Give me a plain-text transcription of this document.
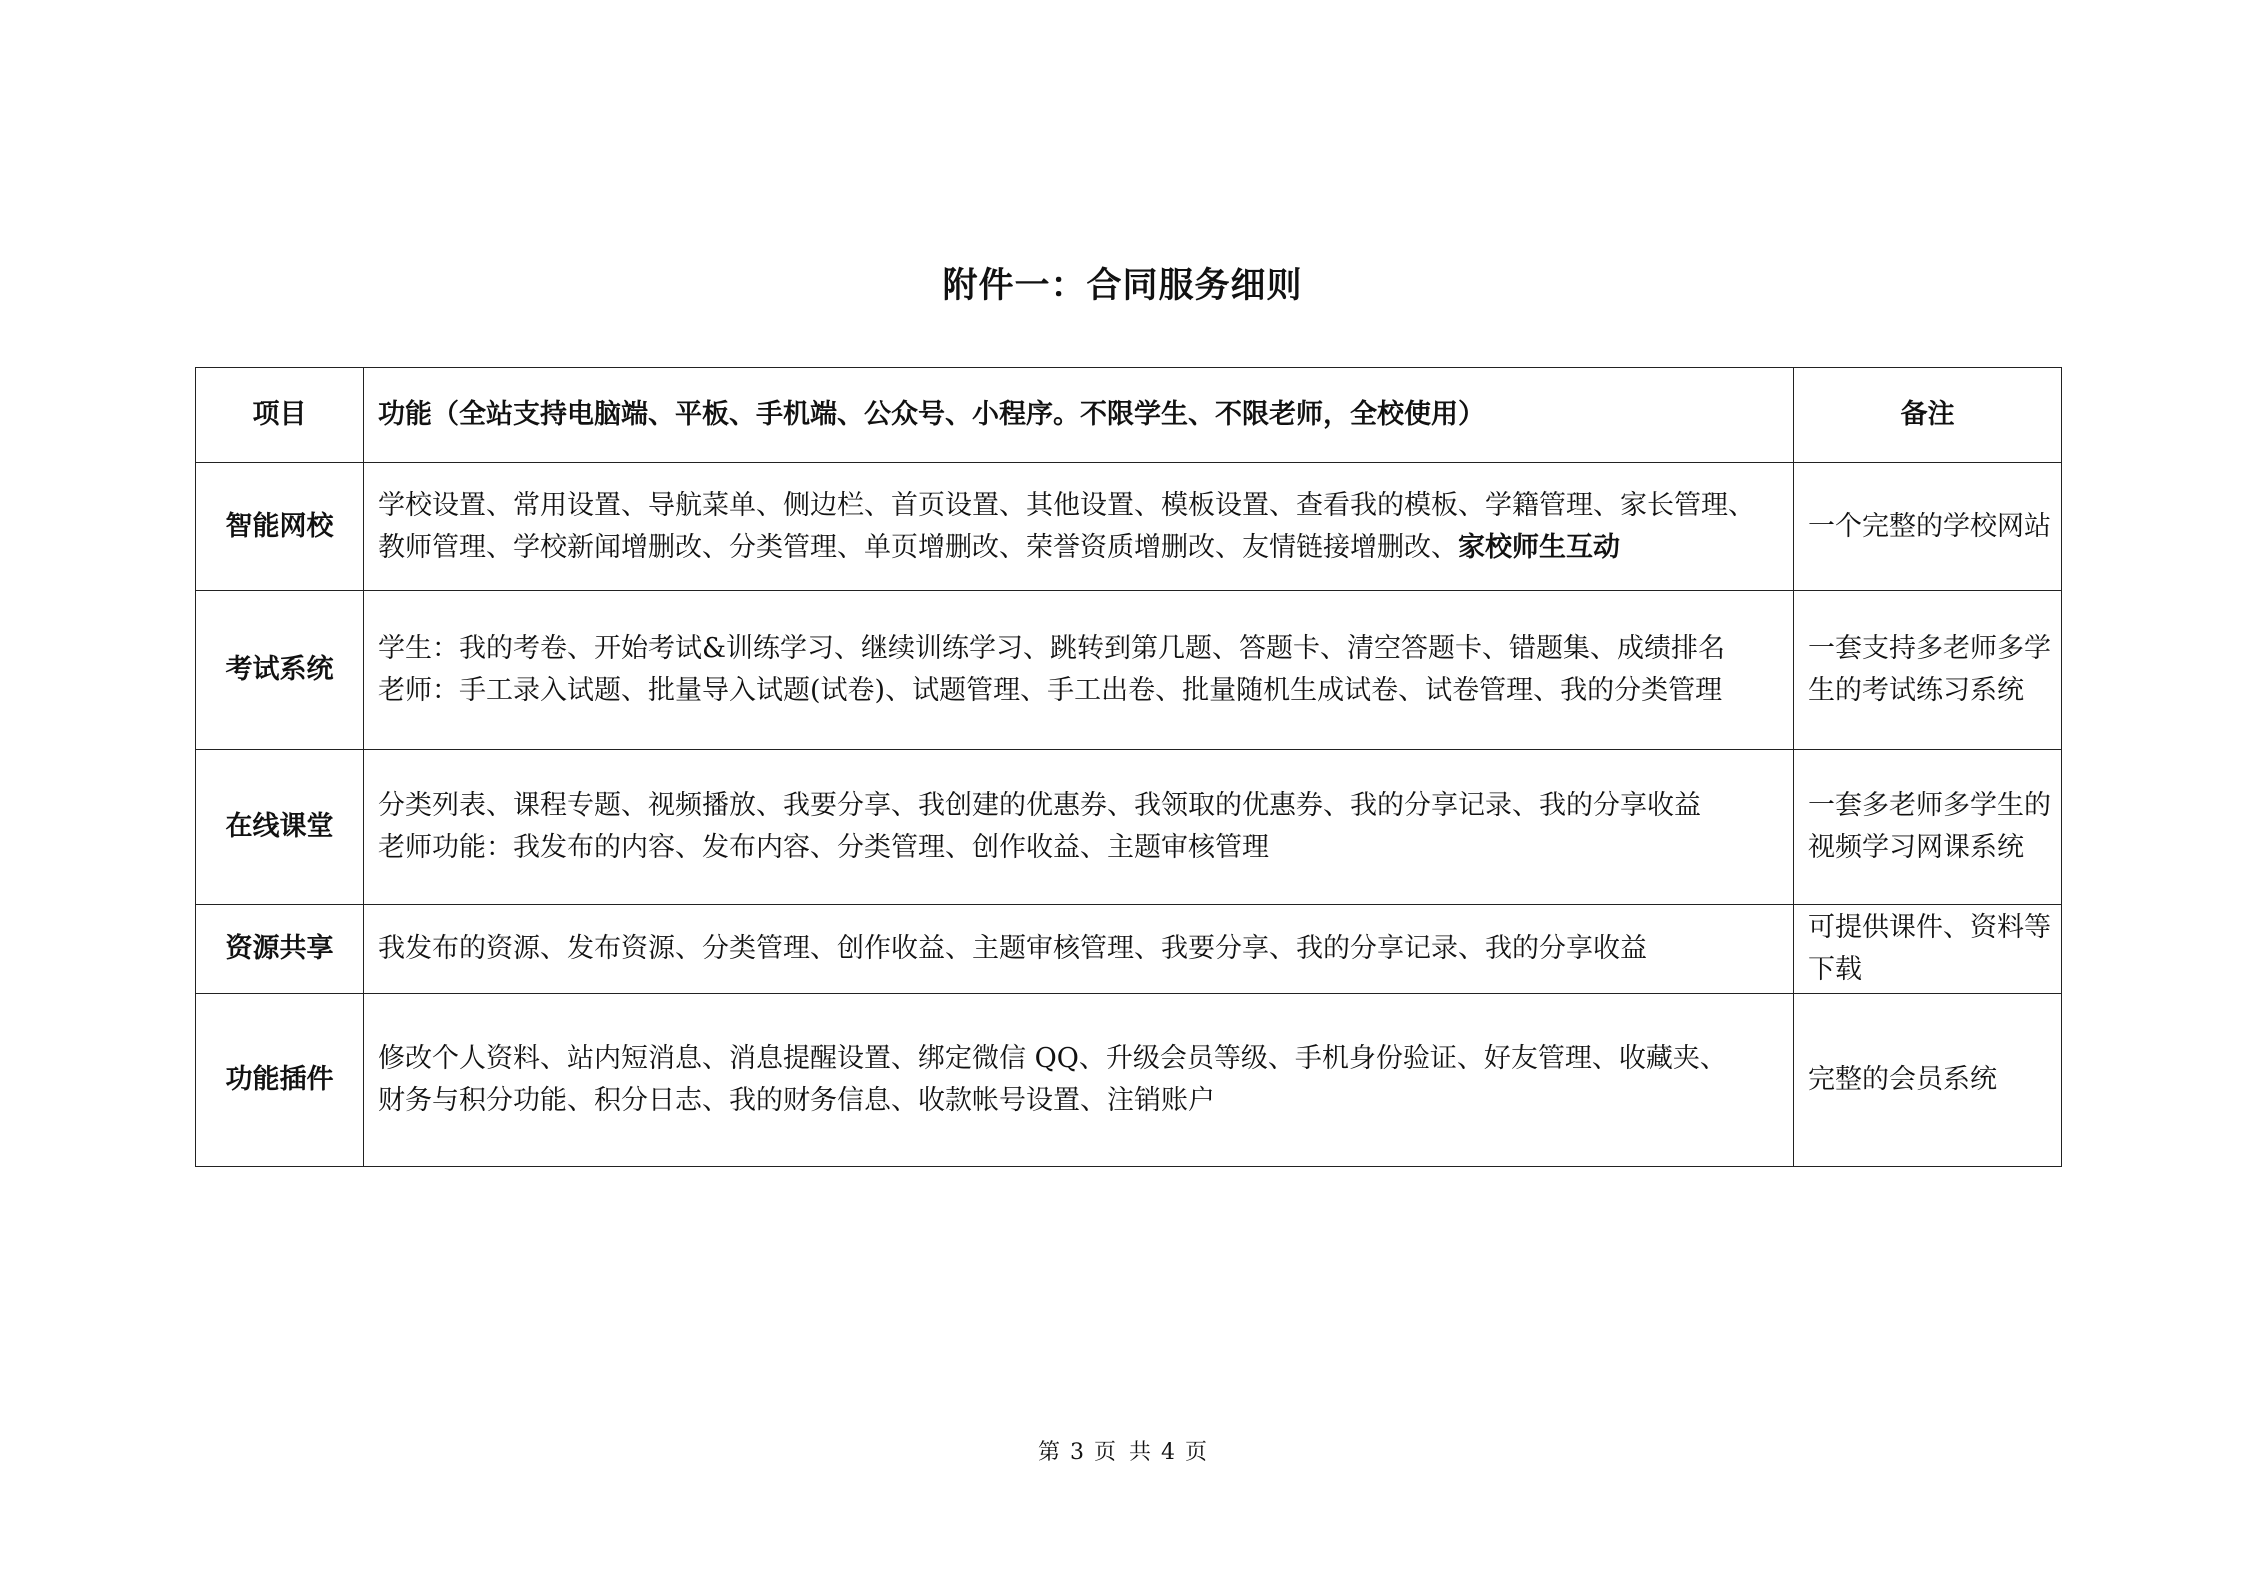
附件一：合同服务细则
项目	功能（全站支持电脑端、平板、手机端、公众号、小程序。不限学生、不限老师，全校使用）	备注
智能网校	学校设置、常用设置、导航菜单、侧边栏、首页设置、其他设置、模板设置、查看我的模板、学籍管理、家长管理、
教师管理、学校新闻增删改、分类管理、单页增删改、荣誉资质增删改、友情链接增删改、家校师生互动	一个完整的学校网站
考试系统	学生：我的考卷、开始考试&训练学习、继续训练学习、跳转到第几题、答题卡、清空答题卡、错题集、成绩排名
老师：手工录入试题、批量导入试题(试卷)、试题管理、手工出卷、批量随机生成试卷、试卷管理、我的分类管理	一套支持多老师多学生的考试练习系统
在线课堂	分类列表、课程专题、视频播放、我要分享、我创建的优惠券、我领取的优惠券、我的分享记录、我的分享收益
老师功能：我发布的内容、发布内容、分类管理、创作收益、主题审核管理	一套多老师多学生的视频学习网课系统
资源共享	我发布的资源、发布资源、分类管理、创作收益、主题审核管理、我要分享、我的分享记录、我的分享收益	可提供课件、资料等下载
功能插件	修改个人资料、站内短消息、消息提醒设置、绑定微信 QQ、升级会员等级、手机身份验证、好友管理、收藏夹、
财务与积分功能、积分日志、我的财务信息、收款帐号设置、注销账户	完整的会员系统
第 3 页 共 4 页
